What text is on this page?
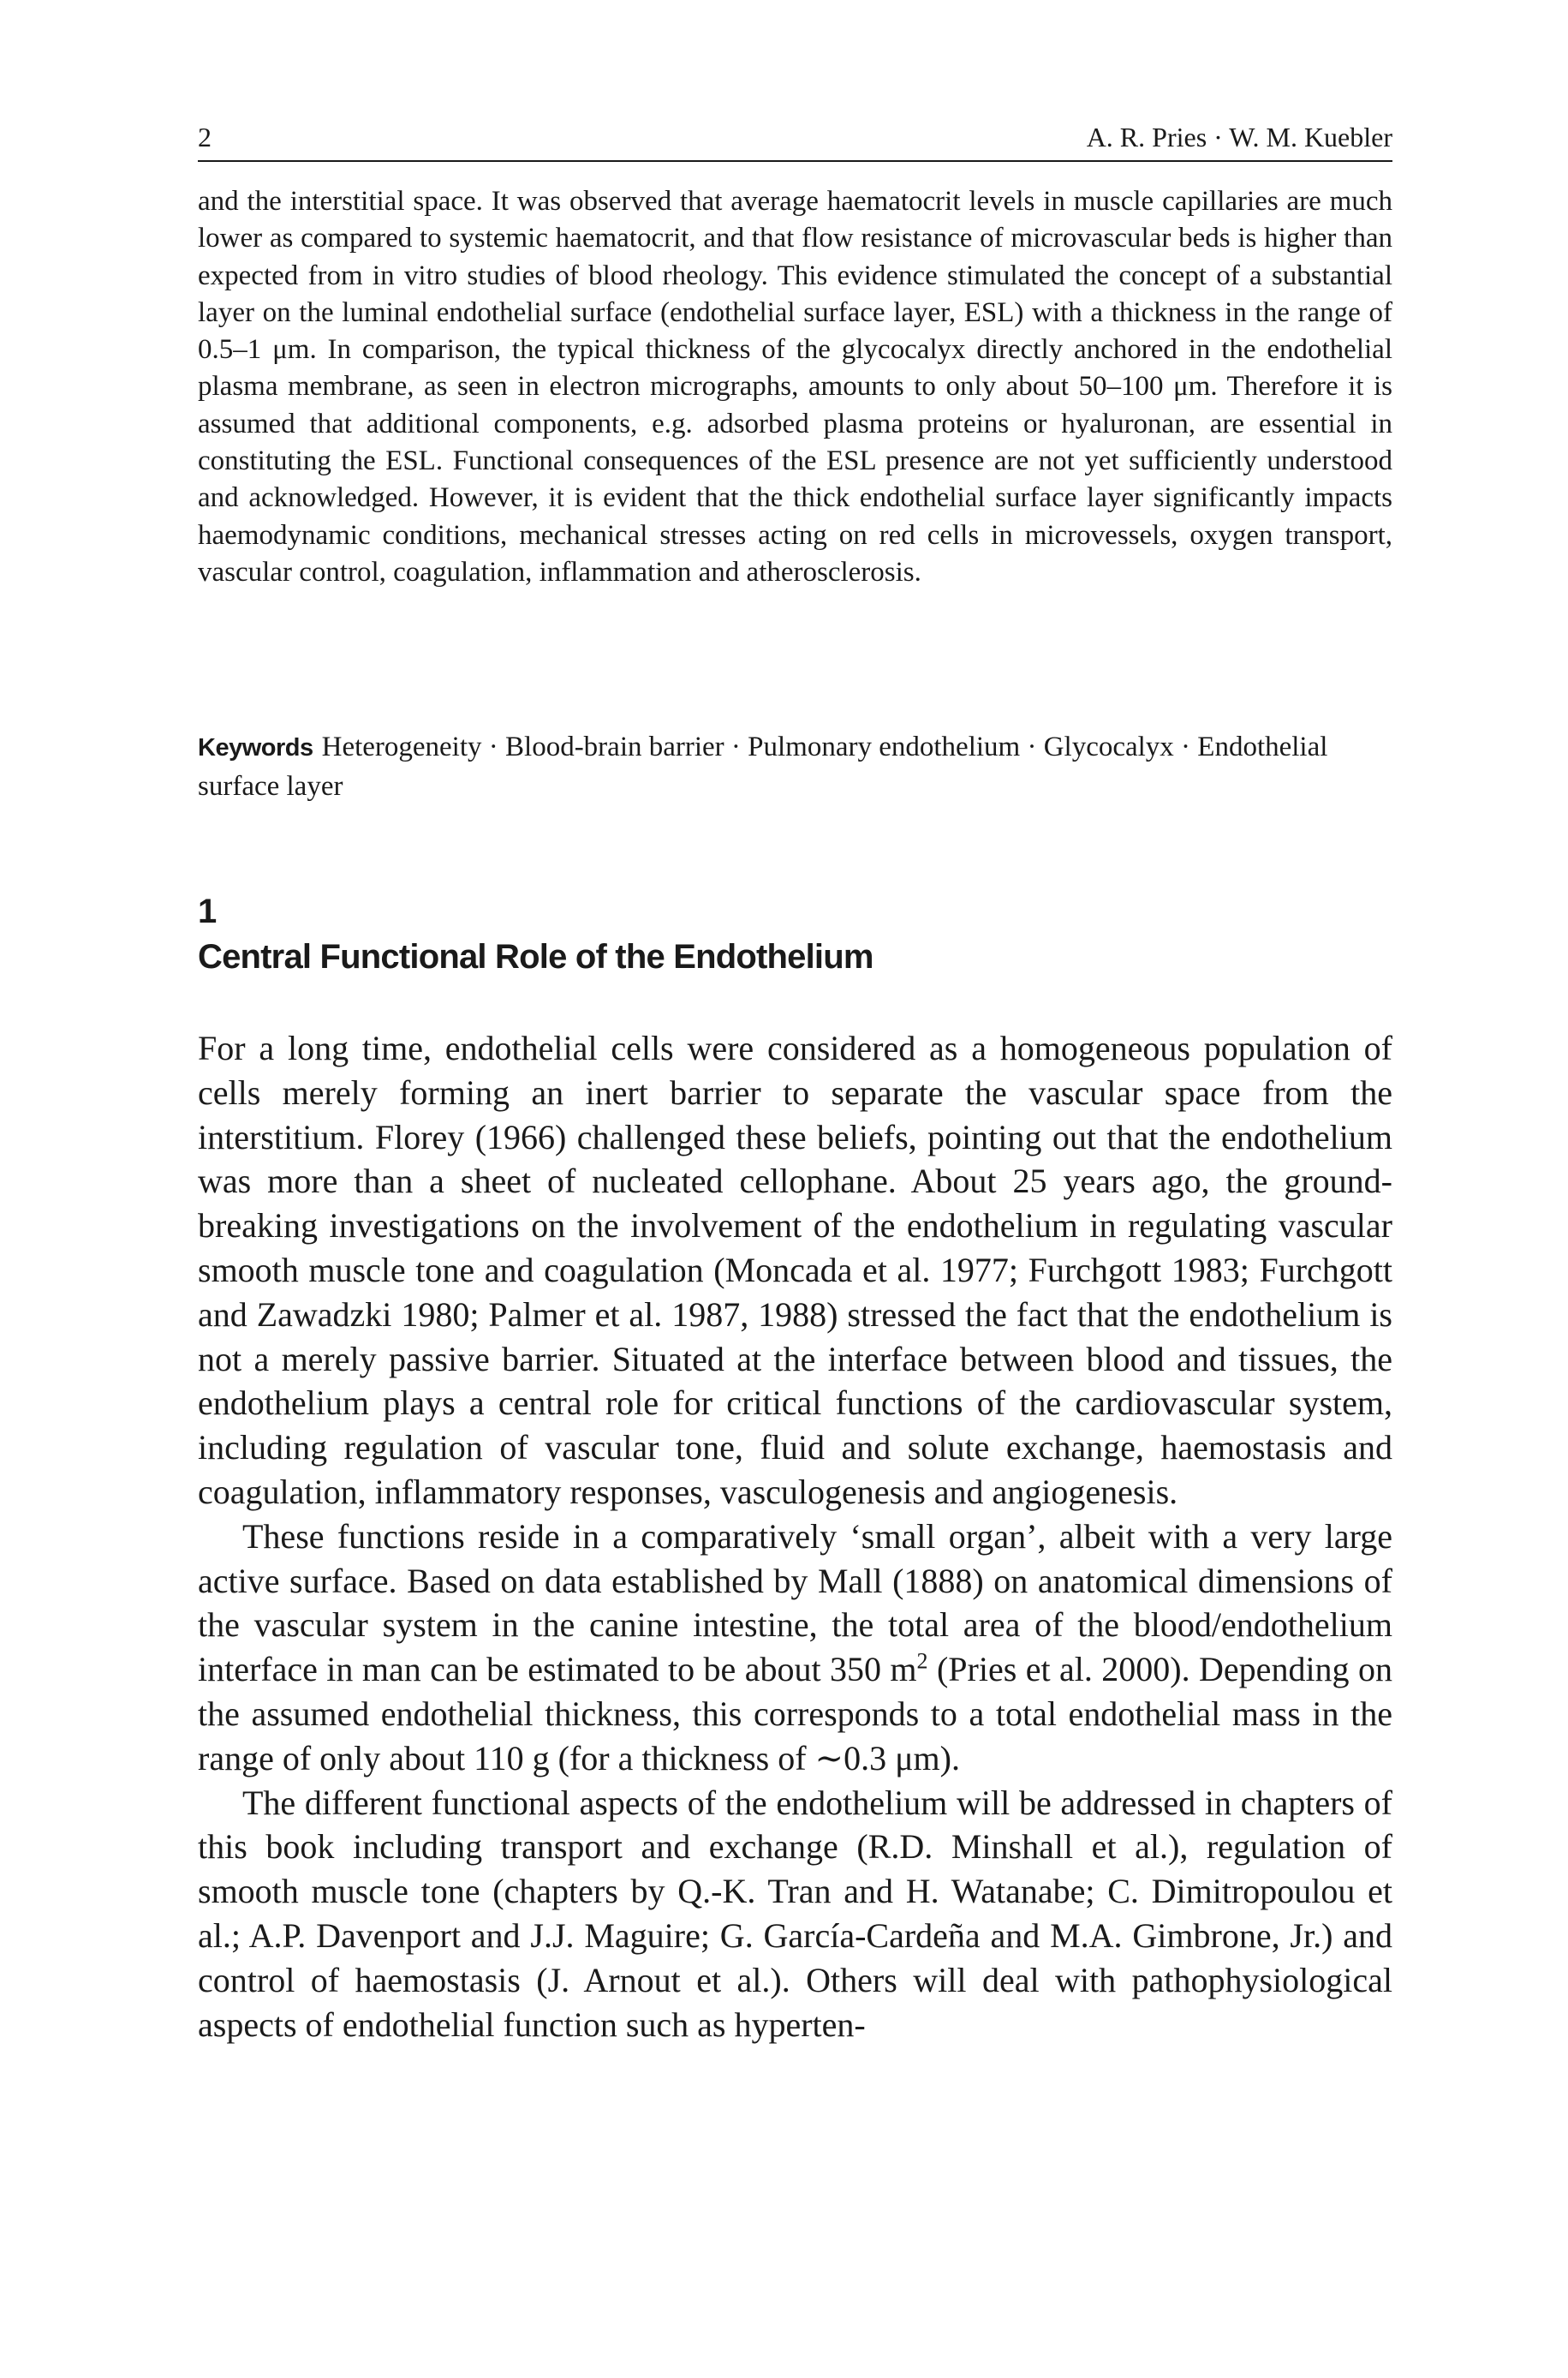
2	A. R. Pries · W. M. Kuebler

and the interstitial space. It was observed that average haematocrit levels in muscle capillaries are much lower as compared to systemic haematocrit, and that flow resistance of microvascular beds is higher than expected from in vitro studies of blood rheology. This evidence stimulated the concept of a substantial layer on the luminal endothelial surface (endothelial surface layer, ESL) with a thickness in the range of 0.5–1 μm. In comparison, the typical thickness of the glycocalyx directly anchored in the endothelial plasma membrane, as seen in electron micrographs, amounts to only about 50–100 μm. Therefore it is assumed that additional components, e.g. adsorbed plasma proteins or hyaluronan, are essential in constituting the ESL. Functional consequences of the ESL presence are not yet sufficiently understood and acknowledged. However, it is evident that the thick endothelial surface layer significantly impacts haemodynamic conditions, mechanical stresses acting on red cells in microvessels, oxygen transport, vascular control, coagulation, inflammation and atherosclerosis.

Keywords Heterogeneity · Blood-brain barrier · Pulmonary endothelium · Glycocalyx · Endothelial surface layer

1
Central Functional Role of the Endothelium

For a long time, endothelial cells were considered as a homogeneous population of cells merely forming an inert barrier to separate the vascular space from the interstitium. Florey (1966) challenged these beliefs, pointing out that the endothelium was more than a sheet of nucleated cellophane. About 25 years ago, the ground-breaking investigations on the involvement of the endothelium in regulating vascular smooth muscle tone and coagulation (Moncada et al. 1977; Furchgott 1983; Furchgott and Zawadzki 1980; Palmer et al. 1987, 1988) stressed the fact that the endothelium is not a merely passive barrier. Situated at the interface between blood and tissues, the endothelium plays a central role for critical functions of the cardiovascular system, including regulation of vascular tone, fluid and solute exchange, haemostasis and coagulation, inflammatory responses, vasculogenesis and angiogenesis.

These functions reside in a comparatively ‘small organ’, albeit with a very large active surface. Based on data established by Mall (1888) on anatomical dimensions of the vascular system in the canine intestine, the total area of the blood/endothelium interface in man can be estimated to be about 350 $m^2$ (Pries et al. 2000). Depending on the assumed endothelial thickness, this corresponds to a total endothelial mass in the range of only about 110 g (for a thickness of ∼0.3 μm).

The different functional aspects of the endothelium will be addressed in chapters of this book including transport and exchange (R.D. Minshall et al.), regulation of smooth muscle tone (chapters by Q.-K. Tran and H. Watanabe; C. Dimitropoulou et al.; A.P. Davenport and J.J. Maguire; G. García-Cardeña and M.A. Gimbrone, Jr.) and control of haemostasis (J. Arnout et al.). Others will deal with pathophysiological aspects of endothelial function such as hyperten-
